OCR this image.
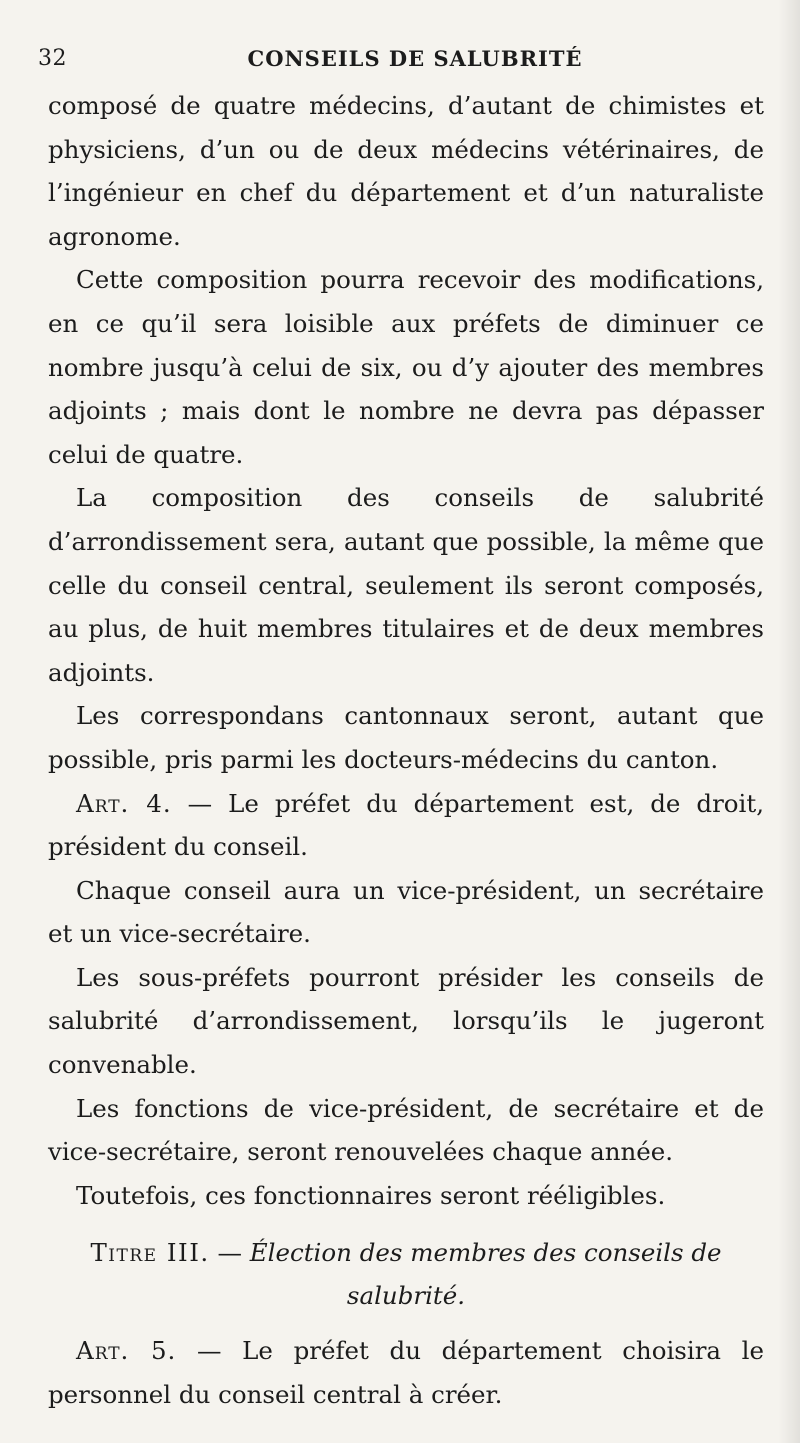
32	CONSEILS DE SALUBRITÉ

composé de quatre médecins, d’autant de chimistes et physiciens, d’un ou de deux médecins vétérinaires, de l’ingénieur en chef du département et d’un naturaliste agronome.

Cette composition pourra recevoir des modifications, en ce qu’il sera loisible aux préfets de diminuer ce nombre jusqu’à celui de six, ou d’y ajouter des membres adjoints ; mais dont le nombre ne devra pas dépasser celui de quatre.

La composition des conseils de salubrité d’arrondissement sera, autant que possible, la même que celle du conseil central, seulement ils seront composés, au plus, de huit membres titulaires et de deux membres adjoints.

Les correspondans cantonnaux seront, autant que possible, pris parmi les docteurs-médecins du canton.

Art. 4. — Le préfet du département est, de droit, président du conseil.

Chaque conseil aura un vice-président, un secrétaire et un vice-secrétaire.

Les sous-préfets pourront présider les conseils de salubrité d’arrondissement, lorsqu’ils le jugeront convenable.

Les fonctions de vice-président, de secrétaire et de vice-secrétaire, seront renouvelées chaque année.

Toutefois, ces fonctionnaires seront rééligibles.

Titre III. — Élection des membres des conseils de salubrité.

Art. 5. — Le préfet du département choisira le personnel du conseil central à créer.
